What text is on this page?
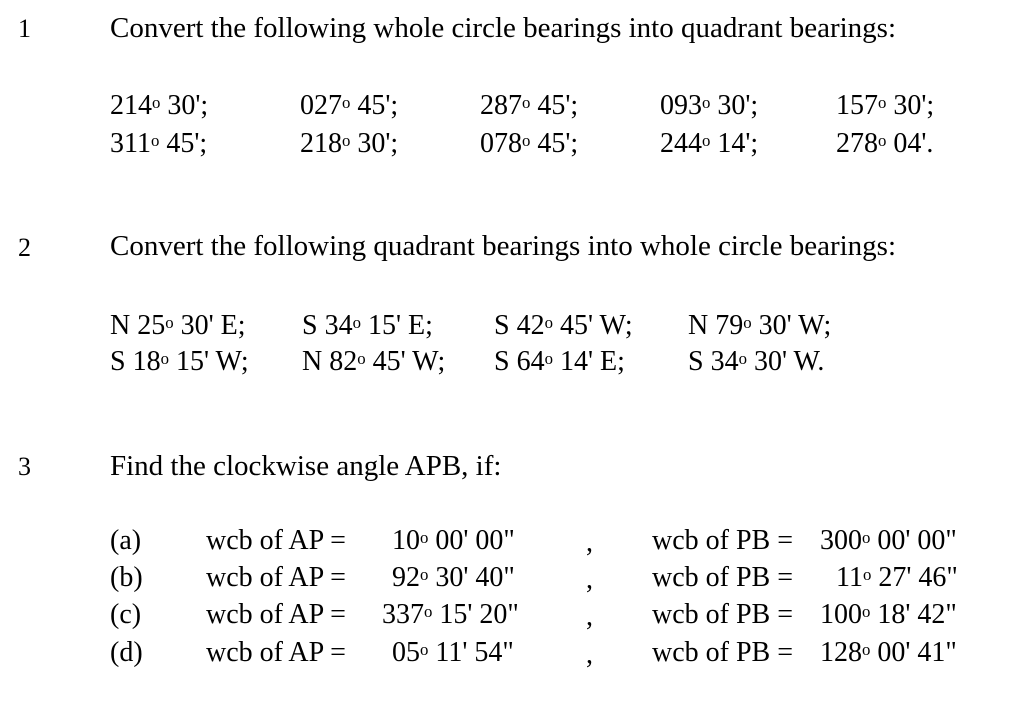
1	Convert the following whole circle bearings into quadrant bearings:
214$^o$ 30';	027$^o$ 45';	287$^o$ 45';	093$^o$ 30';	157$^o$ 30';
311$^o$ 45';	218$^o$ 30';	078$^o$ 45';	244$^o$ 14';	278$^o$ 04'.
2	Convert the following quadrant bearings into whole circle bearings:
N 25$^o$ 30' E; S 34$^o$ 15' E; S 42$^o$ 45' W; N 79$^o$ 30' W;
S 18$^o$ 15' W; N 82$^o$ 45' W; S 64$^o$ 14' E; S 34$^o$ 30' W.
3	Find the clockwise angle APB, if:
(a) wcb of AP = $10^o$ 00' 00"	, wcb of PB = $300^o$ 00' 00"
(b) wcb of AP = $92^o$ 30' 40"	, wcb of PB = $11^o$ 27' 46"
(c) wcb of AP = $337^o$ 15' 20" , wcb of PB = $100^o$ 18' 42"
(d) wcb of AP = $05^o$ 11' 54"	, wcb of PB = $128^o$ 00' 41"
